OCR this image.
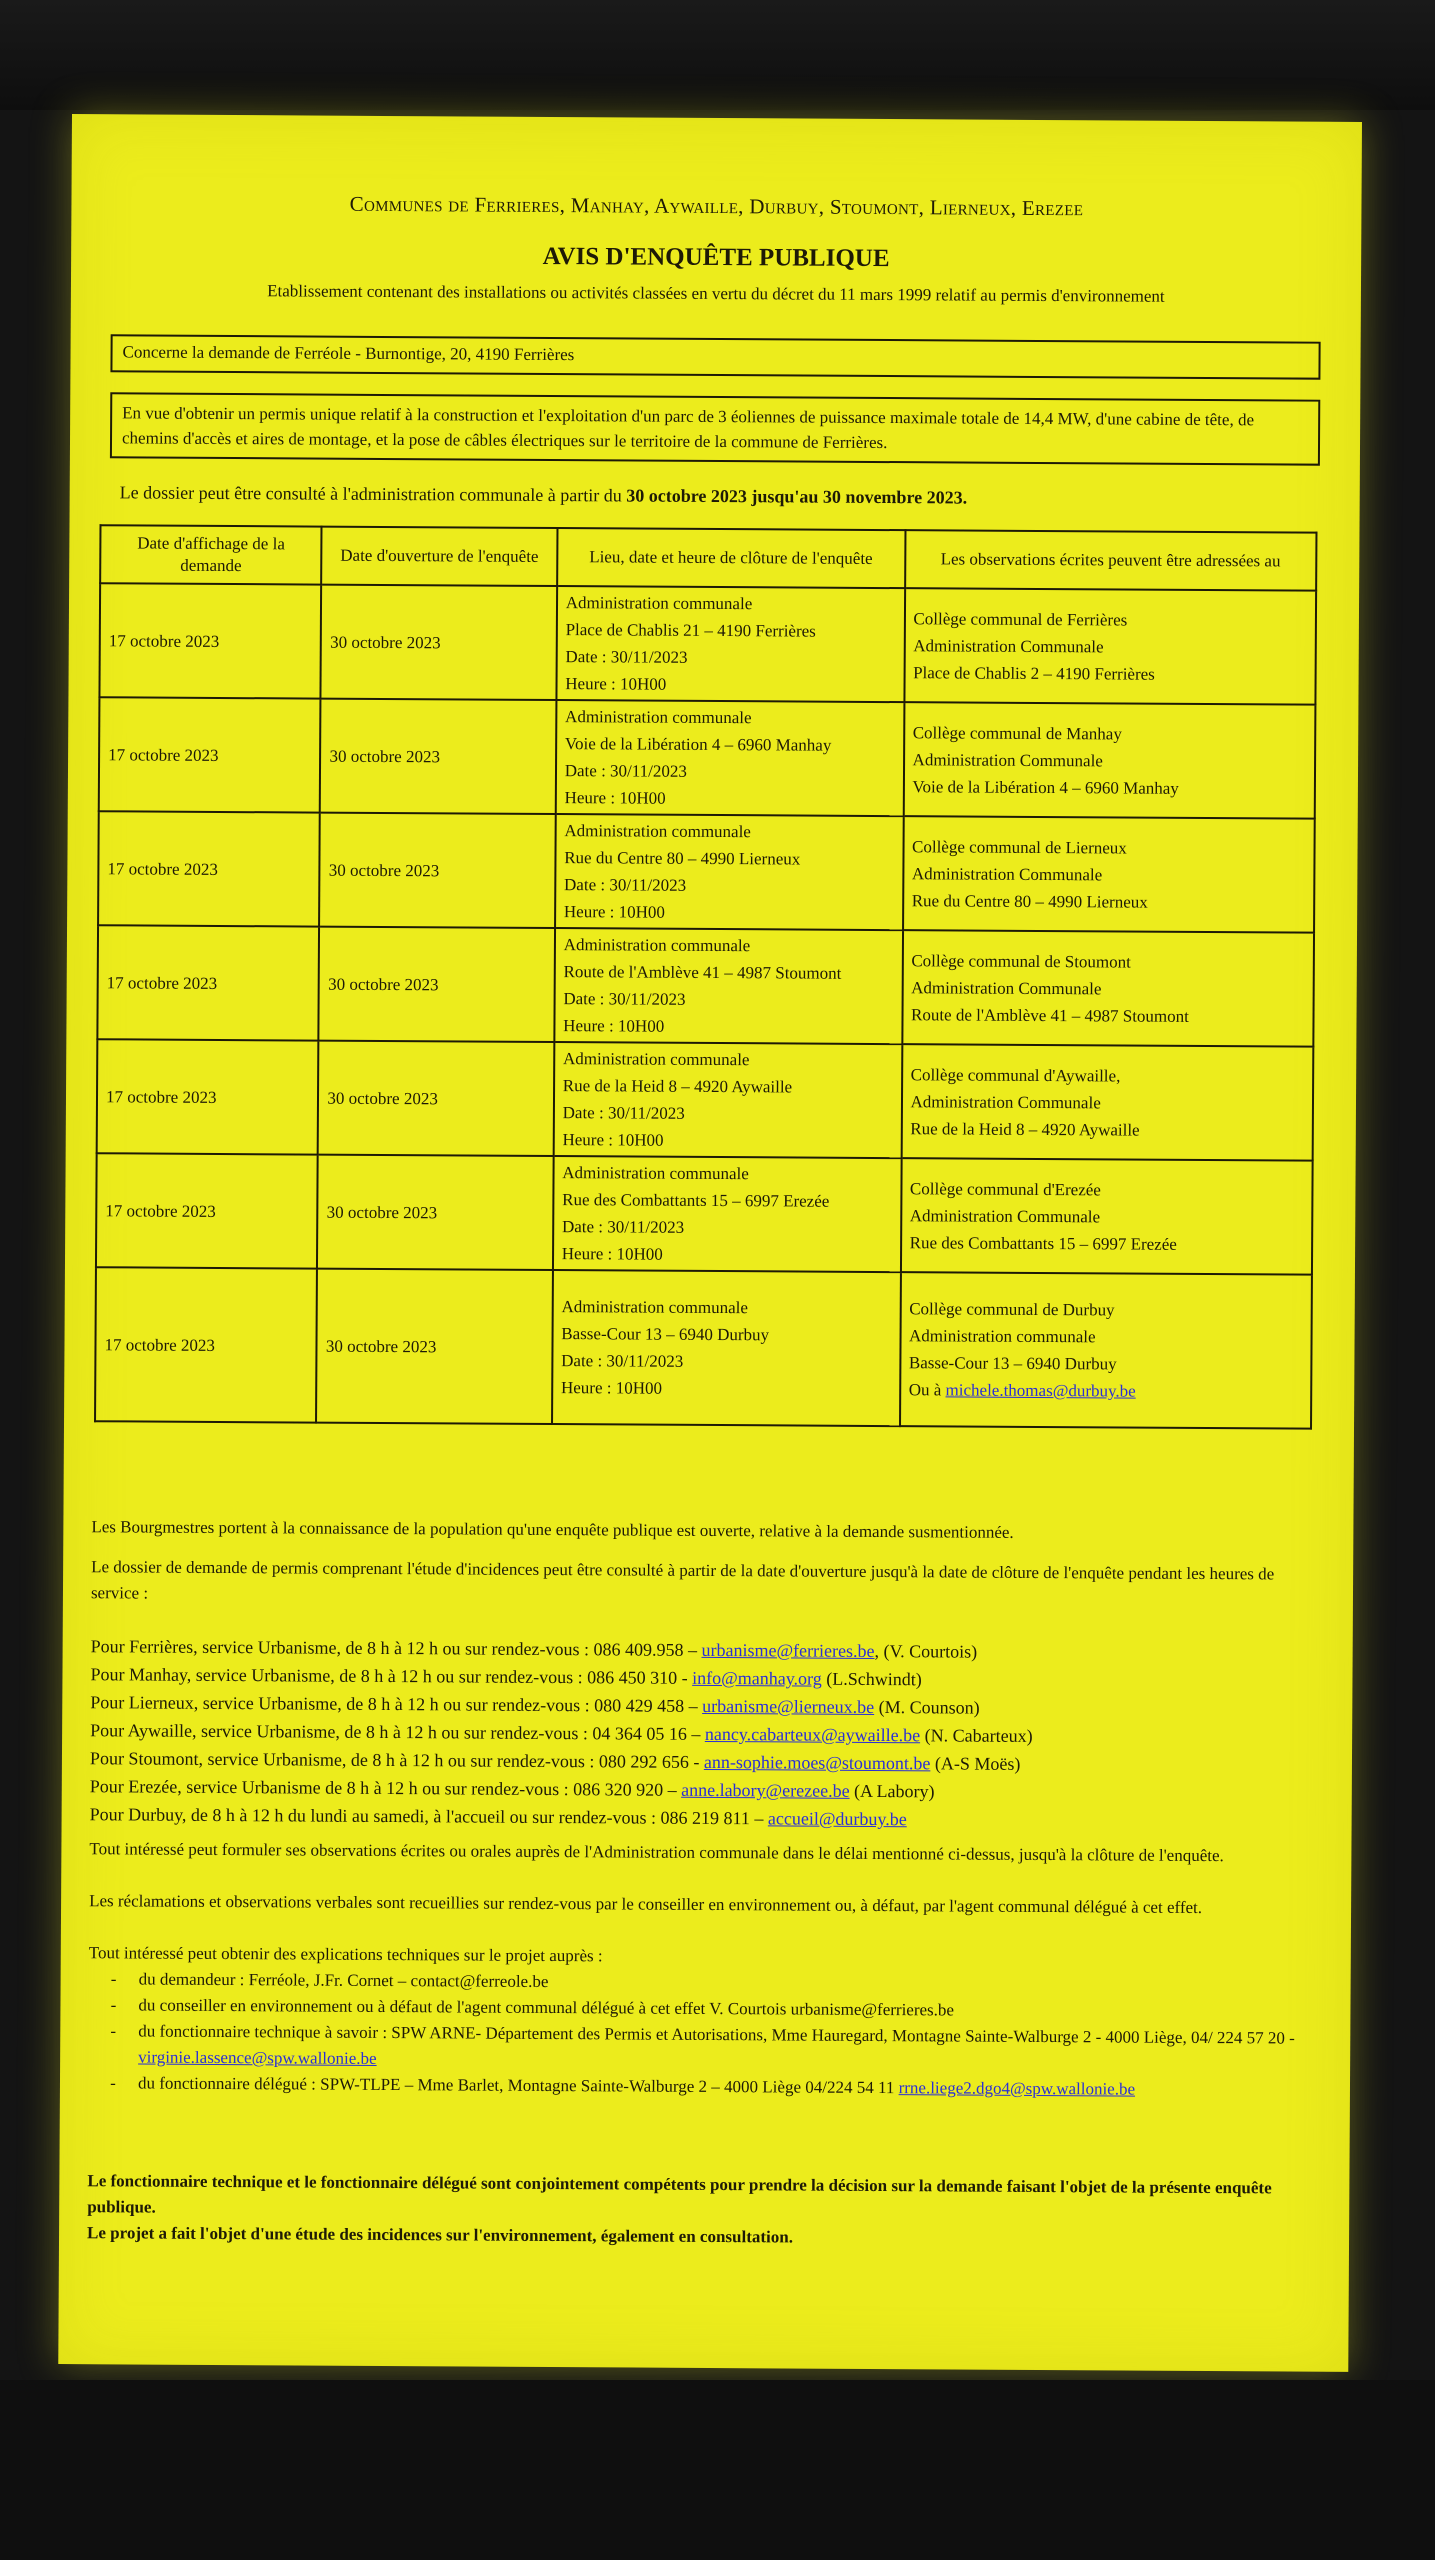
Communes de Ferrieres, Manhay, Aywaille, Durbuy, Stoumont, Lierneux, Erezee
AVIS D'ENQUÊTE PUBLIQUE
Etablissement contenant des installations ou activités classées en vertu du décret du 11 mars 1999 relatif au permis d'environnement
Concerne la demande de Ferréole - Burnontige, 20, 4190 Ferrières
En vue d'obtenir un permis unique relatif à la construction et l'exploitation d'un parc de 3 éoliennes de puissance maximale totale de 14,4 MW, d'une cabine de tête, de chemins d'accès et aires de montage, et la pose de câbles électriques sur le territoire de la commune de Ferrières.
Le dossier peut être consulté à l'administration communale à partir du 30 octobre 2023 jusqu'au 30 novembre 2023.
Date d'affichage de la demande	Date d'ouverture de l'enquête	Lieu, date et heure de clôture de l'enquête	Les observations écrites peuvent être adressées au
17 octobre 2023	30 octobre 2023	Administration communale
Place de Chablis 21 – 4190 Ferrières
Date : 30/11/2023
Heure : 10H00	Collège communal de Ferrières
Administration Communale
Place de Chablis 2 – 4190 Ferrières

17 octobre 2023	30 octobre 2023	Administration communale
Voie de la Libération 4 – 6960 Manhay
Date : 30/11/2023
Heure : 10H00	Collège communal de Manhay
Administration Communale
Voie de la Libération 4 – 6960 Manhay

17 octobre 2023	30 octobre 2023	Administration communale
Rue du Centre 80 – 4990 Lierneux
Date : 30/11/2023
Heure : 10H00	Collège communal de Lierneux
Administration Communale
Rue du Centre 80 – 4990 Lierneux

17 octobre 2023	30 octobre 2023	Administration communale
Route de l'Amblève 41 – 4987 Stoumont
Date : 30/11/2023
Heure : 10H00	Collège communal de Stoumont
Administration Communale
Route de l'Amblève 41 – 4987 Stoumont

17 octobre 2023	30 octobre 2023	Administration communale
Rue de la Heid 8 – 4920 Aywaille
Date : 30/11/2023
Heure : 10H00	Collège communal d'Aywaille,
Administration Communale
Rue de la Heid 8 – 4920 Aywaille

17 octobre 2023	30 octobre 2023	Administration communale
Rue des Combattants 15 – 6997 Erezée
Date : 30/11/2023
Heure : 10H00	Collège communal d'Erezée
Administration Communale
Rue des Combattants 15 – 6997 Erezée

17 octobre 2023	30 octobre 2023	Administration communale
Basse-Cour 13 – 6940 Durbuy
Date : 30/11/2023
Heure : 10H00	Collège communal de Durbuy
Administration communale
Basse-Cour 13 – 6940 Durbuy
Ou à michele.thomas@durbuy.be
Les Bourgmestres portent à la connaissance de la population qu'une enquête publique est ouverte, relative à la demande susmentionnée.
Le dossier de demande de permis comprenant l'étude d'incidences peut être consulté à partir de la date d'ouverture jusqu'à la date de clôture de l'enquête pendant les heures de service :
Pour Ferrières, service Urbanisme, de 8 h à 12 h ou sur rendez-vous : 086 409.958 – urbanisme@ferrieres.be, (V. Courtois)
Pour Manhay, service Urbanisme, de 8 h à 12 h ou sur rendez-vous : 086 450 310 - info@manhay.org (L.Schwindt)
Pour Lierneux, service Urbanisme, de 8 h à 12 h ou sur rendez-vous : 080 429 458 – urbanisme@lierneux.be (M. Counson)
Pour Aywaille, service Urbanisme, de 8 h à 12 h ou sur rendez-vous : 04 364 05 16 – nancy.cabarteux@aywaille.be (N. Cabarteux)
Pour Stoumont, service Urbanisme, de 8 h à 12 h ou sur rendez-vous : 080 292 656 - ann-sophie.moes@stoumont.be (A-S Moës)
Pour Erezée, service Urbanisme de 8 h à 12 h ou sur rendez-vous : 086 320 920 – anne.labory@erezee.be (A Labory)
Pour Durbuy, de 8 h à 12 h du lundi au samedi, à l'accueil ou sur rendez-vous : 086 219 811 – accueil@durbuy.be
Tout intéressé peut formuler ses observations écrites ou orales auprès de l'Administration communale dans le délai mentionné ci-dessus, jusqu'à la clôture de l'enquête.
Les réclamations et observations verbales sont recueillies sur rendez-vous par le conseiller en environnement ou, à défaut, par l'agent communal délégué à cet effet.
Tout intéressé peut obtenir des explications techniques sur le projet auprès :
-	du demandeur : Ferréole, J.Fr. Cornet – contact@ferreole.be
-	du conseiller en environnement ou à défaut de l'agent communal délégué à cet effet V. Courtois urbanisme@ferrieres.be
-	du fonctionnaire technique à savoir : SPW ARNE- Département des Permis et Autorisations, Mme Hauregard, Montagne Sainte-Walburge 2 - 4000 Liège, 04/ 224 57 20 - virginie.lassence@spw.wallonie.be
-	du fonctionnaire délégué : SPW-TLPE – Mme Barlet, Montagne Sainte-Walburge 2 – 4000 Liège 04/224 54 11 rrne.liege2.dgo4@spw.wallonie.be
Le fonctionnaire technique et le fonctionnaire délégué sont conjointement compétents pour prendre la décision sur la demande faisant l'objet de la présente enquête publique.
Le projet a fait l'objet d'une étude des incidences sur l'environnement, également en consultation.
